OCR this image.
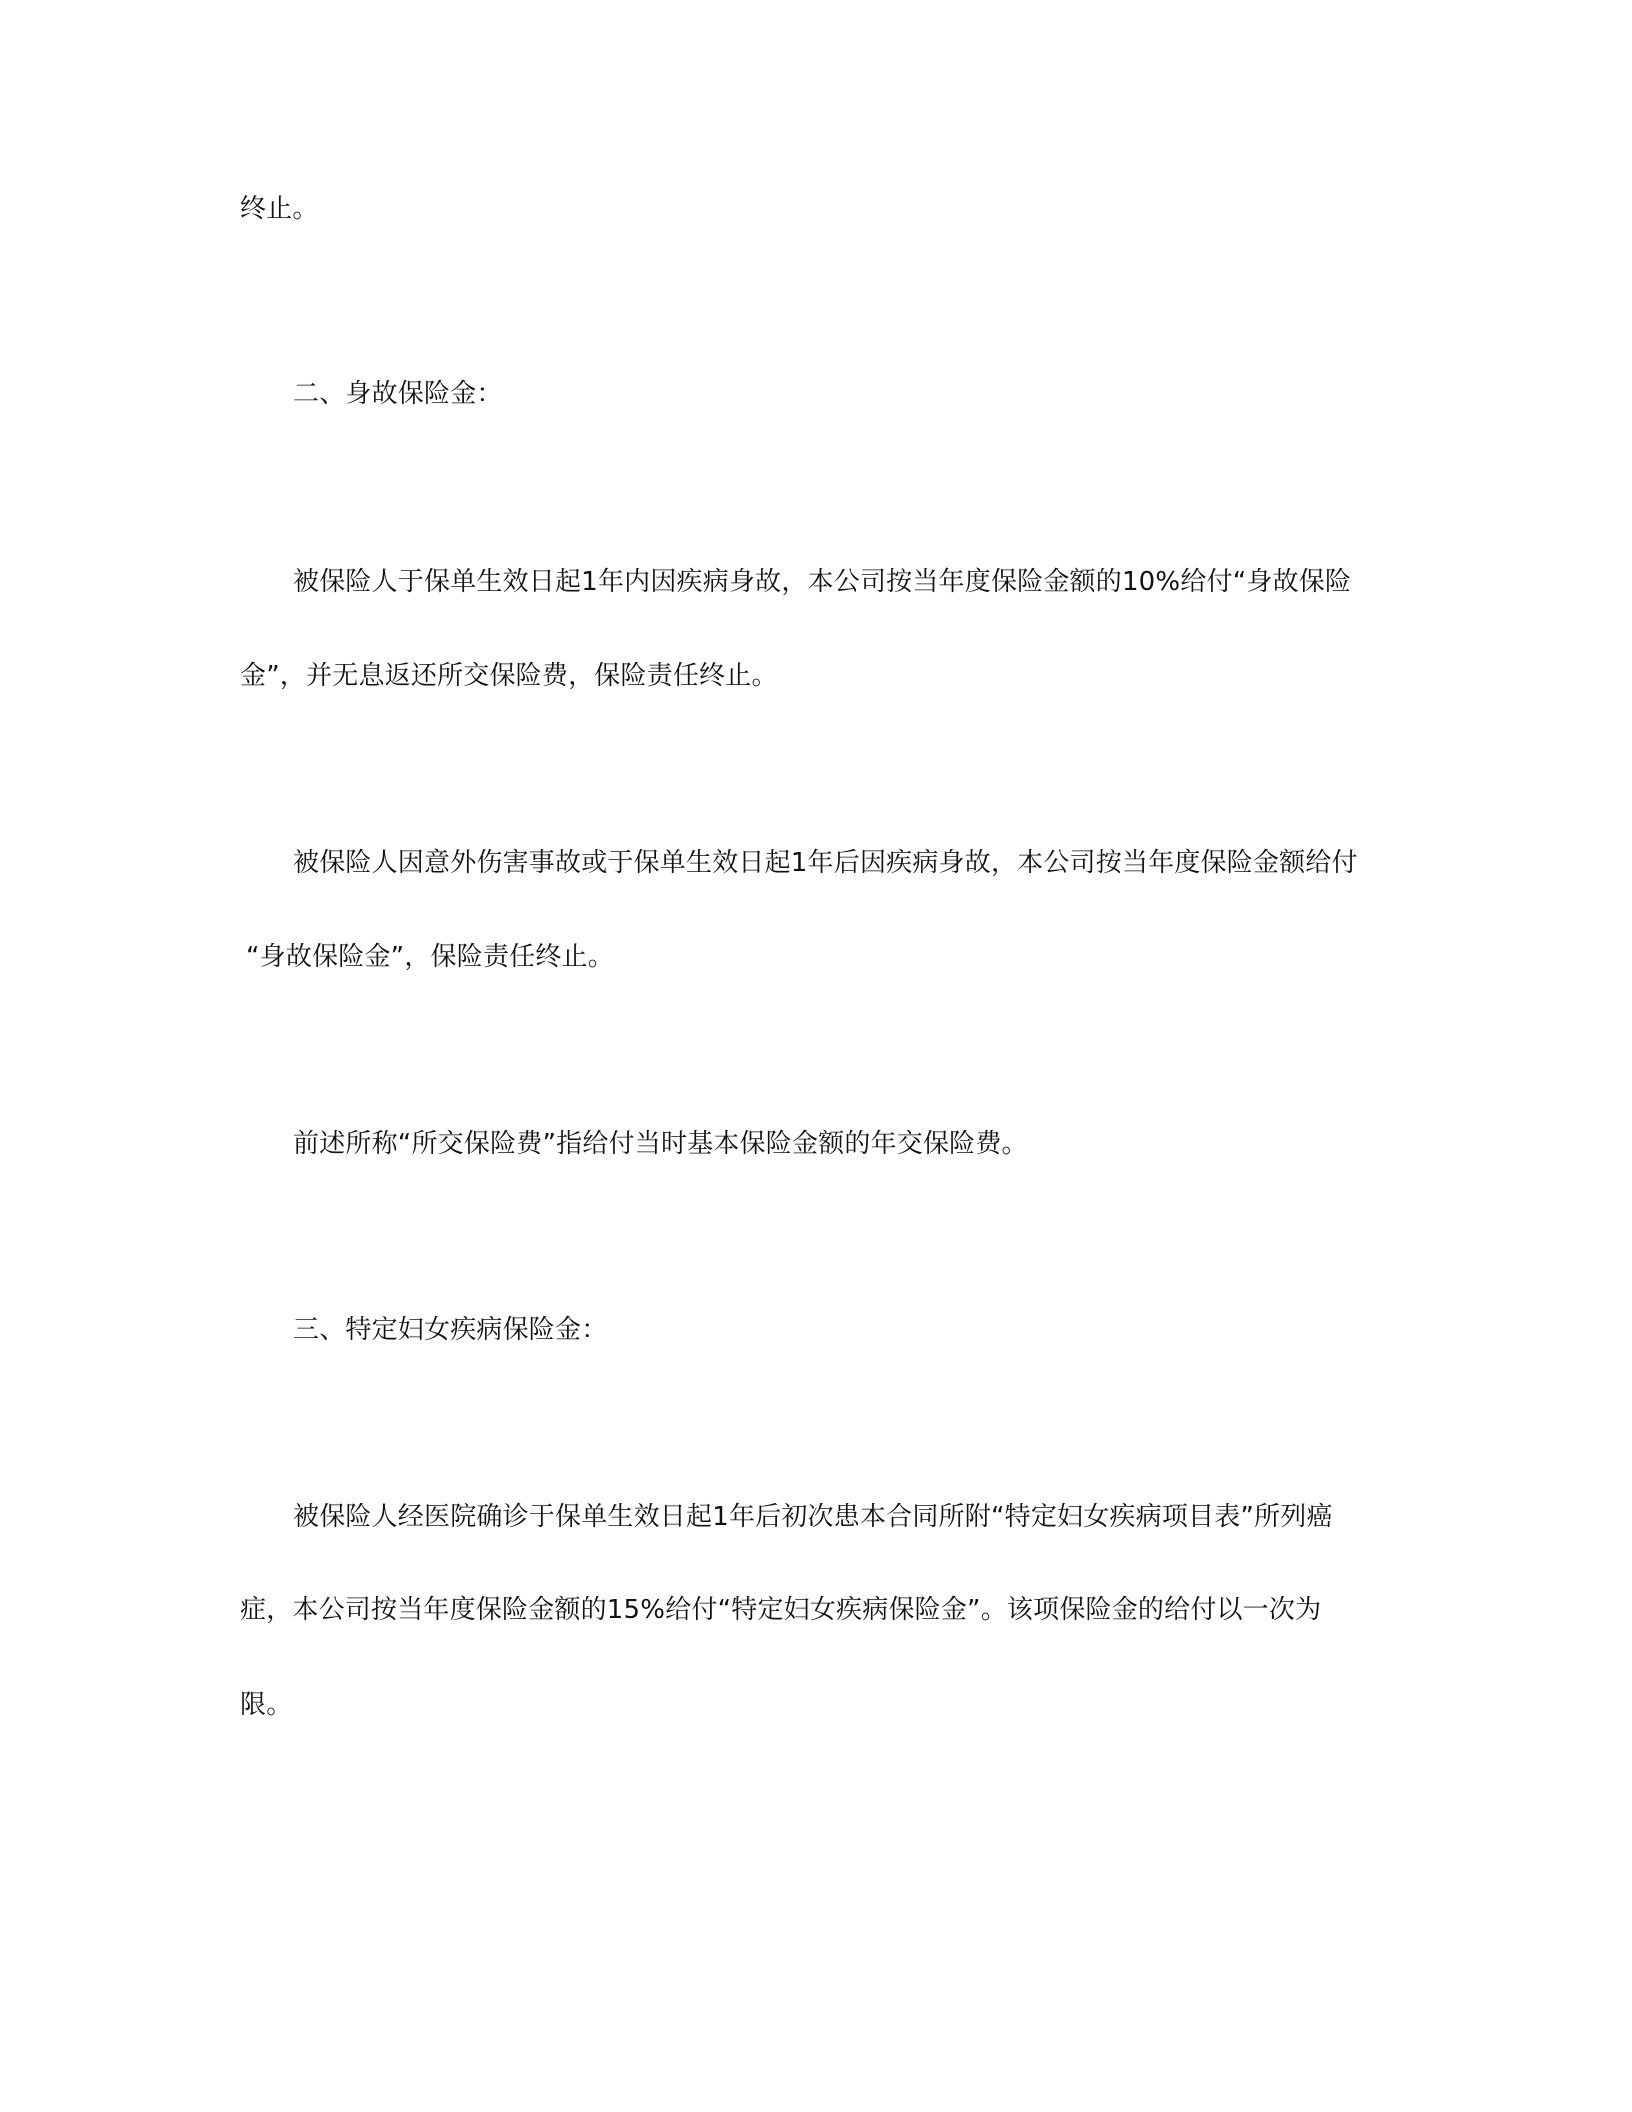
终止。
二、身故保险金：
被保险人于保单生效日起1年内因疾病身故，本公司按当年度保险金额的10%给付“身故保险
金”，并无息返还所交保险费，保险责任终止。
被保险人因意外伤害事故或于保单生效日起1年后因疾病身故，本公司按当年度保险金额给付
“身故保险金”，保险责任终止。
前述所称“所交保险费”指给付当时基本保险金额的年交保险费。
三、特定妇女疾病保险金：
被保险人经医院确诊于保单生效日起1年后初次患本合同所附“特定妇女疾病项目表”所列癌
症，本公司按当年度保险金额的15%给付“特定妇女疾病保险金”。该项保险金的给付以一次为
限。
